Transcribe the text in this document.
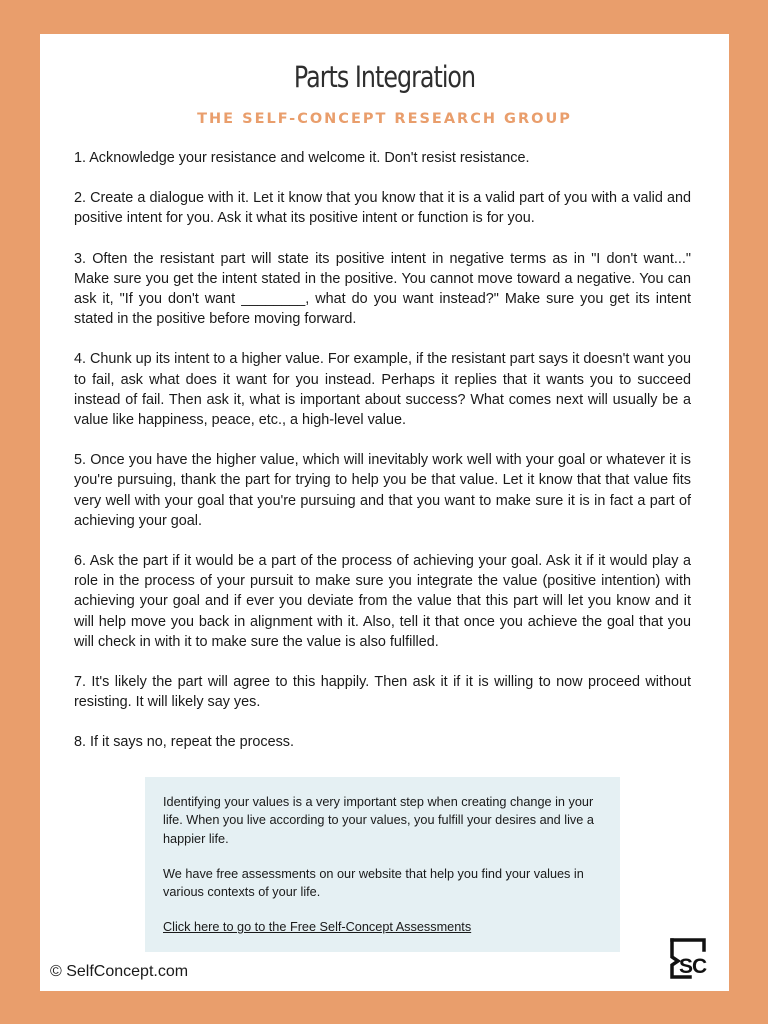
Parts Integration
THE SELF-CONCEPT RESEARCH GROUP

1. Acknowledge your resistance and welcome it. Don't resist resistance.

2. Create a dialogue with it. Let it know that you know that it is a valid part of you with a valid and positive intent for you. Ask it what its positive intent or function is for you.

3. Often the resistant part will state its positive intent in negative terms as in "I don't want..." Make sure you get the intent stated in the positive. You cannot move toward a negative. You can ask it, "If you don't want ________, what do you want instead?" Make sure you get its intent stated in the positive before moving forward.

4. Chunk up its intent to a higher value. For example, if the resistant part says it doesn't want you to fail, ask what does it want for you instead. Perhaps it replies that it wants you to succeed instead of fail. Then ask it, what is important about success? What comes next will usually be a value like happiness, peace, etc., a high-level value.

5. Once you have the higher value, which will inevitably work well with your goal or whatever it is you're pursuing, thank the part for trying to help you be that value. Let it know that that value fits very well with your goal that you're pursuing and that you want to make sure it is in fact a part of achieving your goal.

6. Ask the part if it would be a part of the process of achieving your goal. Ask it if it would play a role in the process of your pursuit to make sure you integrate the value (positive intention) with achieving your goal and if ever you deviate from the value that this part will let you know and it will help move you back in alignment with it. Also, tell it that once you achieve the goal that you will check in with it to make sure the value is also fulfilled.

7. It's likely the part will agree to this happily. Then ask it if it is willing to now proceed without resisting. It will likely say yes.

8. If it says no, repeat the process.

Identifying your values is a very important step when creating change in your life. When you live according to your values, you fulfill your desires and live a happier life.

We have free assessments on our website that help you find your values in various contexts of your life.

Click here to go to the Free Self-Concept Assessments
© SelfConcept.com	SC
